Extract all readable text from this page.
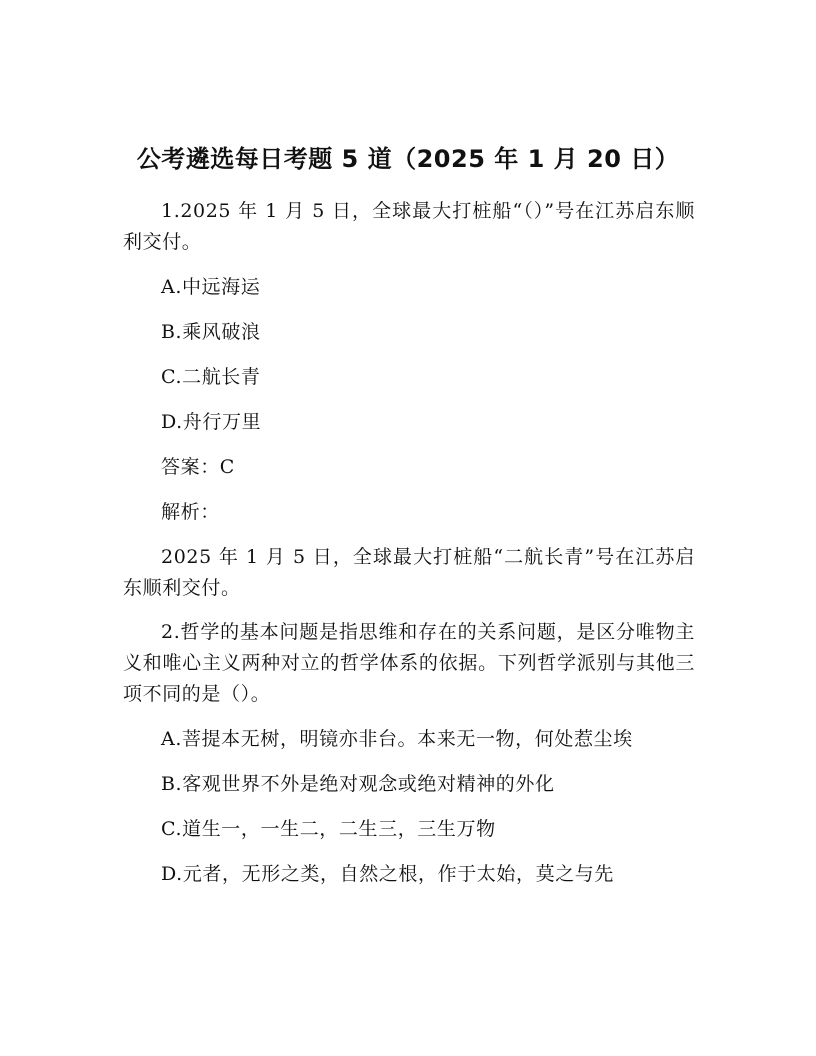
公考遴选每日考题 5 道（2025 年 1 月 20 日）

1.2025 年 1 月 5 日，全球最大打桩船“（）”号在江苏启东顺利交付。

A.中远海运

B.乘风破浪

C.二航长青

D.舟行万里

答案：C

解析：

2025 年 1 月 5 日，全球最大打桩船“二航长青”号在江苏启东顺利交付。

2.哲学的基本问题是指思维和存在的关系问题，是区分唯物主义和唯心主义两种对立的哲学体系的依据。下列哲学派别与其他三项不同的是（）。

A.菩提本无树，明镜亦非台。本来无一物，何处惹尘埃

B.客观世界不外是绝对观念或绝对精神的外化

C.道生一，一生二，二生三，三生万物

D.元者，无形之类，自然之根，作于太始，莫之与先
